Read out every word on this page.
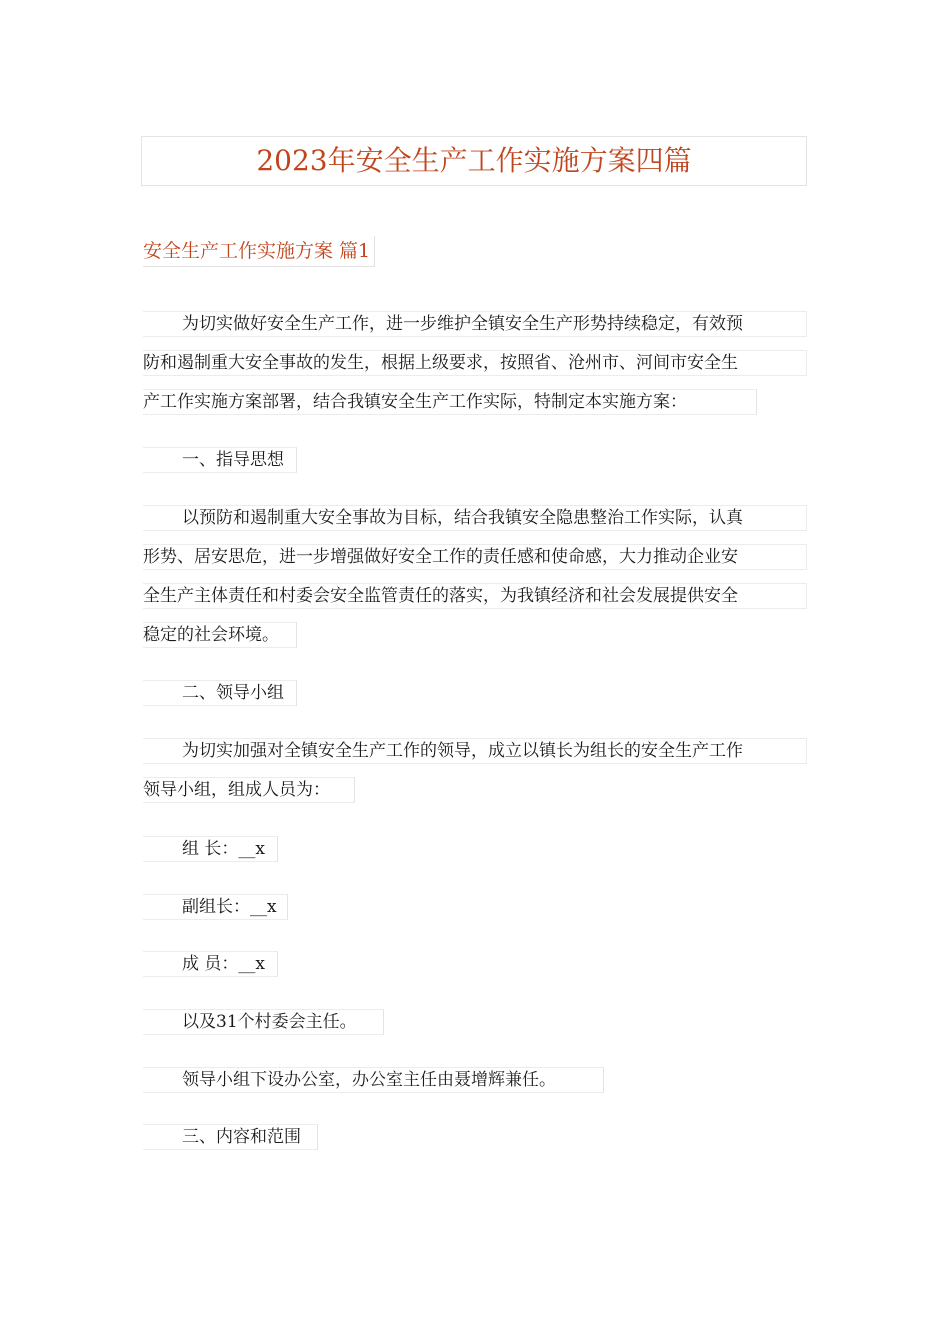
2023年安全生产工作实施方案四篇
安全生产工作实施方案 篇1
为切实做好安全生产工作，进一步维护全镇安全生产形势持续稳定，有效预
防和遏制重大安全事故的发生，根据上级要求，按照省、沧州市、河间市安全生
产工作实施方案部署，结合我镇安全生产工作实际，特制定本实施方案：
一、指导思想
以预防和遏制重大安全事故为目标，结合我镇安全隐患整治工作实际，认真
形势、居安思危，进一步增强做好安全工作的责任感和使命感，大力推动企业安
全生产主体责任和村委会安全监管责任的落实，为我镇经济和社会发展提供安全
稳定的社会环境。
二、领导小组
为切实加强对全镇安全生产工作的领导，成立以镇长为组长的安全生产工作
领导小组，组成人员为：
组 长：__x
副组长：__x
成 员：__x
以及31个村委会主任。
领导小组下设办公室，办公室主任由聂增辉兼任。
三、内容和范围
